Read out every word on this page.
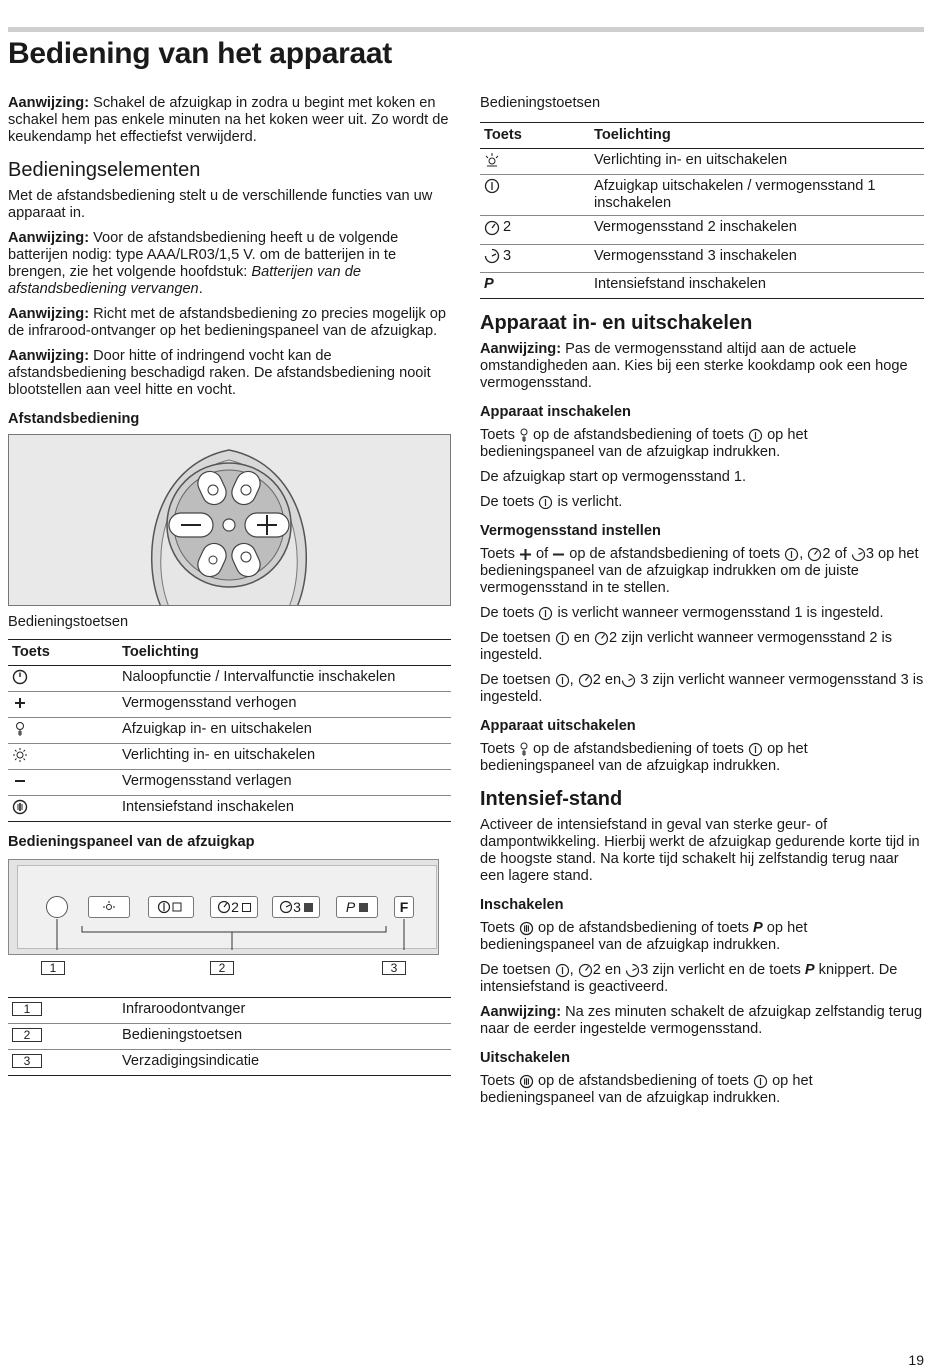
Bediening van het apparaat

Aanwijzing: Schakel de afzuigkap in zodra u begint met koken en schakel hem pas enkele minuten na het koken weer uit. Zo wordt de keukendamp het effectiefst verwijderd.

Bedieningselementen

Met de afstandsbediening stelt u de verschillende functies van uw apparaat in.

Aanwijzing: Voor de afstandsbediening heeft u de volgende batterijen nodig: type AAA/LR03/1,5 V. om de batterijen in te brengen, zie het volgende hoofdstuk: Batterijen van de afstandsbediening vervangen.

Aanwijzing: Richt met de afstandsbediening zo precies mogelijk op de infrarood-ontvanger op het bedieningspaneel van de afzuigkap.

Aanwijzing: Door hitte of indringend vocht kan de afstandsbediening beschadigd raken. De afstandsbediening nooit blootstellen aan veel hitte en vocht.

Afstandsbediening

Bedieningstoetsen

Toets	Toelichting
	Naloopfunctie / Intervalfunctie inschakelen
	Vermogensstand verhogen
	Afzuigkap in- en uitschakelen
	Verlichting in- en uitschakelen
	Vermogensstand verlagen
	Intensiefstand inschakelen
Bedieningspaneel van de afzuigkap
2	3	P	F
1	2	3
1	Infraroodontvanger
2	Bedieningstoetsen
3	Verzadigingsindicatie

Bedieningstoetsen

Toets	Toelichting
	Verlichting in- en uitschakelen
	Afzuigkap uitschakelen / vermogensstand 1 inschakelen

2	Vermogensstand 2 inschakelen

3	Vermogensstand 3 inschakelen
P	Intensiefstand inschakelen
Apparaat in- en uitschakelen

Aanwijzing: Pas de vermogensstand altijd aan de actuele omstandigheden aan. Kies bij een sterke kookdamp ook een hoge vermogensstand.

Apparaat inschakelen

Toets  op de afstandsbediening of toets  op het bedieningspaneel van de afzuigkap indrukken.

De afzuigkap start op vermogensstand 1.

De toets  is verlicht.

Vermogensstand instellen

Toets  of  op de afstandsbediening of toets , 2 of 3 op het bedieningspaneel van de afzuigkap indrukken om de juiste vermogensstand in te stellen.

De toets  is verlicht wanneer vermogensstand 1 is ingesteld.

De toetsen  en 2 zijn verlicht wanneer vermogensstand 2 is ingesteld.

De toetsen , 2 en 3 zijn verlicht wanneer vermogensstand 3 is ingesteld.

Apparaat uitschakelen

Toets  op de afstandsbediening of toets  op het bedieningspaneel van de afzuigkap indrukken.

Intensief-stand

Activeer de intensiefstand in geval van sterke geur- of dampontwikkeling. Hierbij werkt de afzuigkap gedurende korte tijd in de hoogste stand. Na korte tijd schakelt hij zelfstandig terug naar een lagere stand.

Inschakelen

Toets  op de afstandsbediening of toets P op het bedieningspaneel van de afzuigkap indrukken.

De toetsen , 2 en 3 zijn verlicht en de toets P knippert. De intensiefstand is geactiveerd.

Aanwijzing: Na zes minuten schakelt de afzuigkap zelfstandig terug naar de eerder ingestelde vermogensstand.

Uitschakelen

Toets  op de afstandsbediening of toets  op het bedieningspaneel van de afzuigkap indrukken.

19
